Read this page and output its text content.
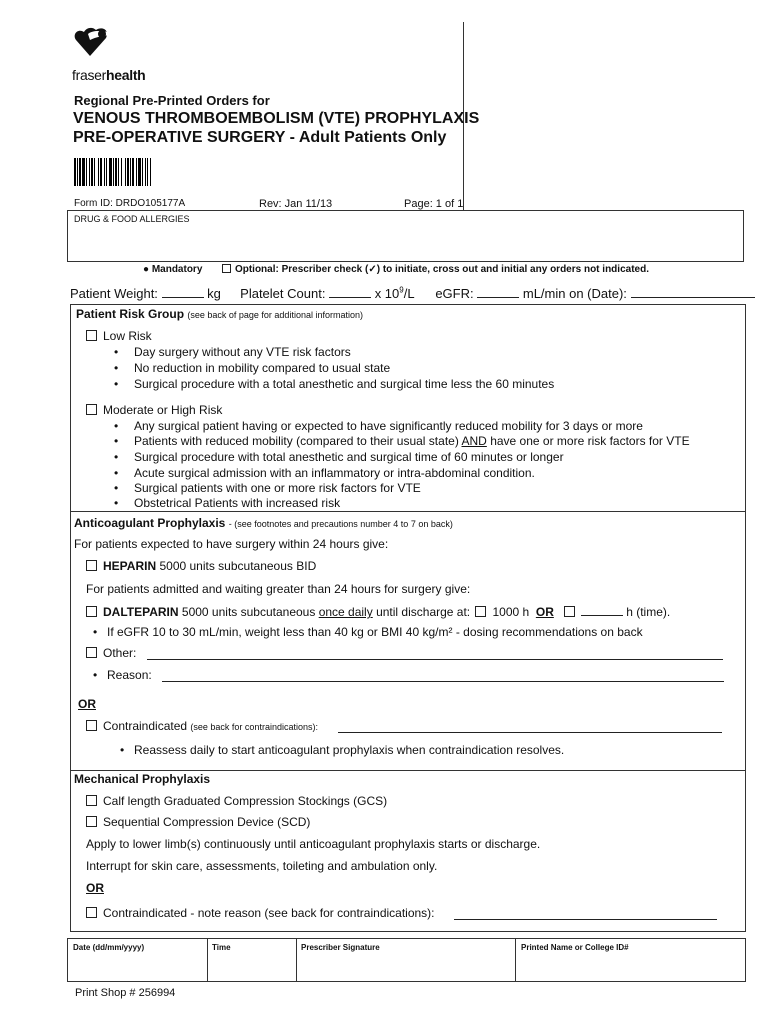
fraserhealth
Regional Pre-Printed Orders for
VENOUS THROMBOEMBOLISM (VTE) PROPHYLAXIS
PRE-OPERATIVE SURGERY - Adult Patients Only
Form ID: DRDO105177A	Rev: Jan 11/13	Page: 1 of 1
DRUG & FOOD ALLERGIES
● Mandatory	Optional: Prescriber check (✓) to initiate, cross out and initial any orders not indicated.
Patient Weight:	kg Platelet Count:	x $10^9/L$ eGFR:	mL/min on (Date):
Patient Risk Group (see back of page for additional information)
Low Risk
• Day surgery without any VTE risk factors
• No reduction in mobility compared to usual state
• Surgical procedure with a total anesthetic and surgical time less the 60 minutes
Moderate or High Risk
• Any surgical patient having or expected to have significantly reduced mobility for 3 days or more
• Patients with reduced mobility (compared to their usual state) AND have one or more risk factors for VTE
• Surgical procedure with total anesthetic and surgical time of 60 minutes or longer
• Acute surgical admission with an inflammatory or intra-abdominal condition.
• Surgical patients with one or more risk factors for VTE
• Obstetrical Patients with increased risk
Anticoagulant Prophylaxis - (see footnotes and precautions number 4 to 7 on back)
For patients expected to have surgery within 24 hours give:
HEPARIN 5000 units subcutaneous BID
For patients admitted and waiting greater than 24 hours for surgery give:
DALTEPARIN 5000 units subcutaneous once daily until discharge at: 1000 h OR	h (time).
• If eGFR 10 to 30 mL/min, weight less than 40 kg or BMI 40 kg/m² - dosing recommendations on back
Other:
• Reason:
OR
Contraindicated (see back for contraindications):
• Reassess daily to start anticoagulant prophylaxis when contraindication resolves.
Mechanical Prophylaxis
Calf length Graduated Compression Stockings (GCS)
Sequential Compression Device (SCD)
Apply to lower limb(s) continuously until anticoagulant prophylaxis starts or discharge.
Interrupt for skin care, assessments, toileting and ambulation only.
OR
Contraindicated - note reason (see back for contraindications):
Date (dd/mm/yyyy)	Time	Prescriber Signature	Printed Name or College ID#
Print Shop # 256994
